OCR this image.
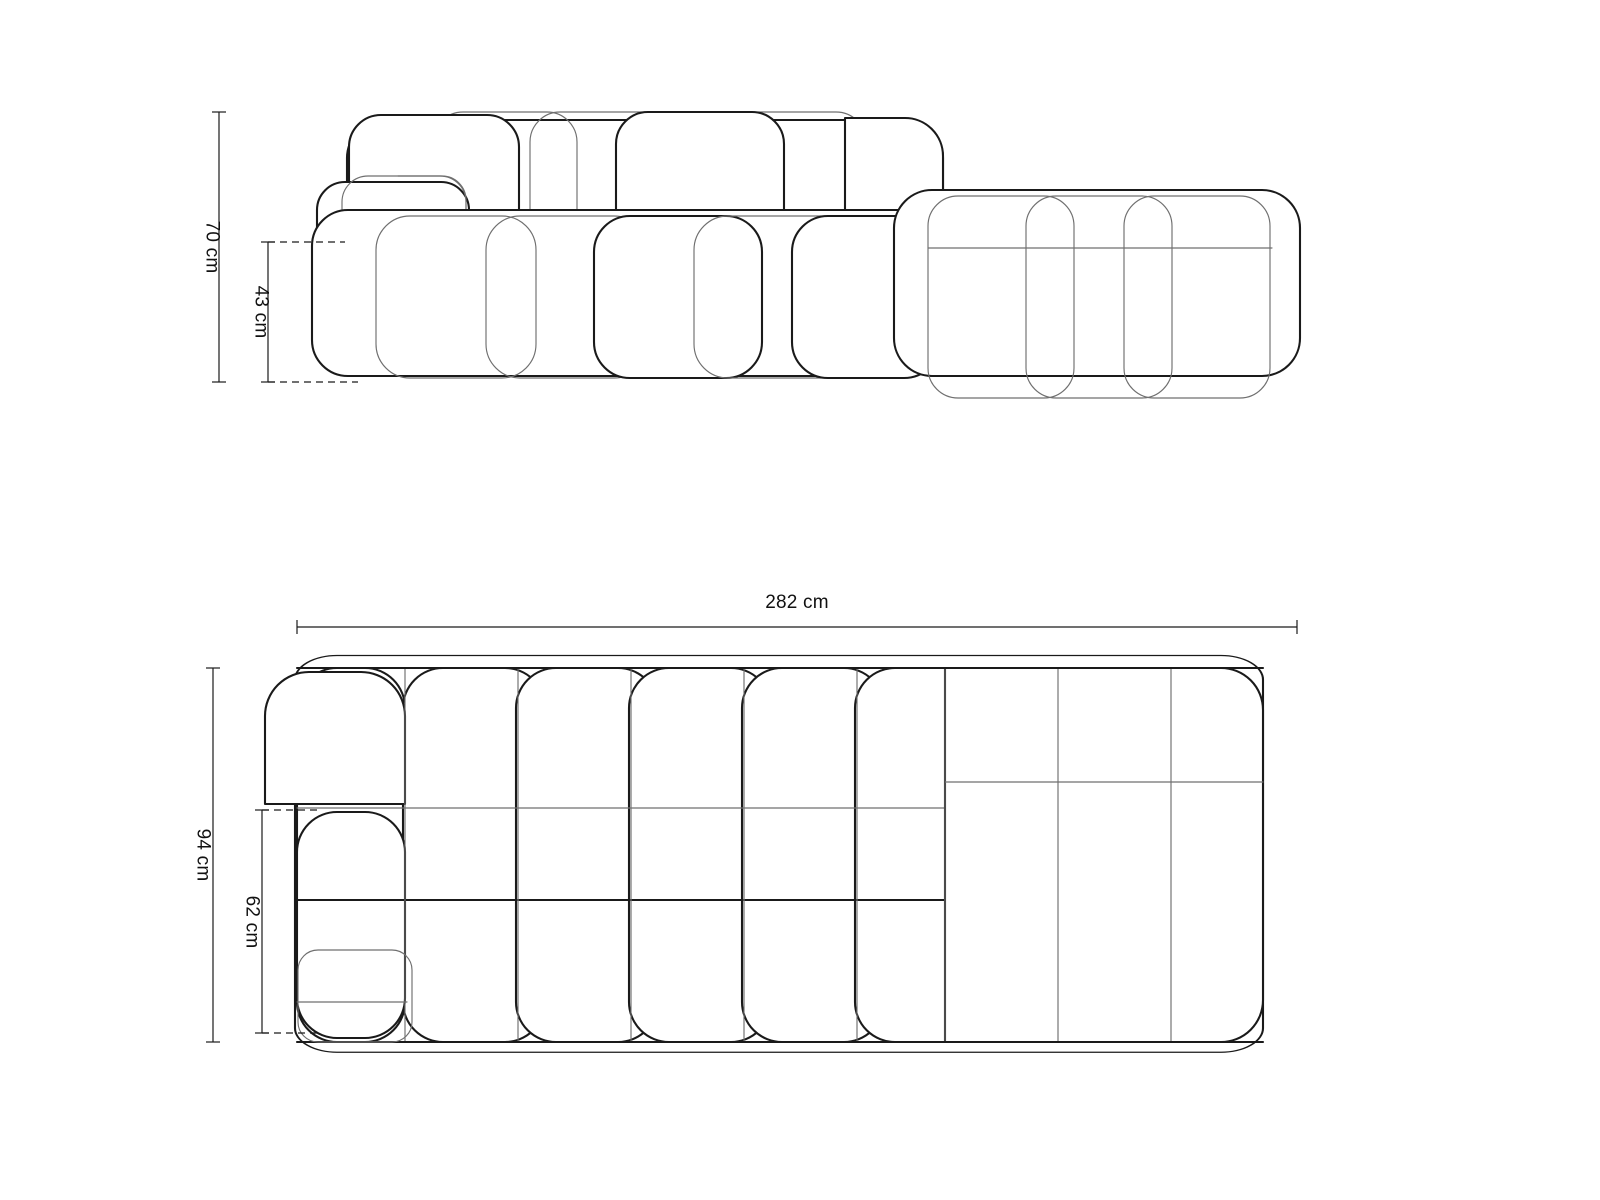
70 cm
43 cm
282 cm
94 cm
62 cm
